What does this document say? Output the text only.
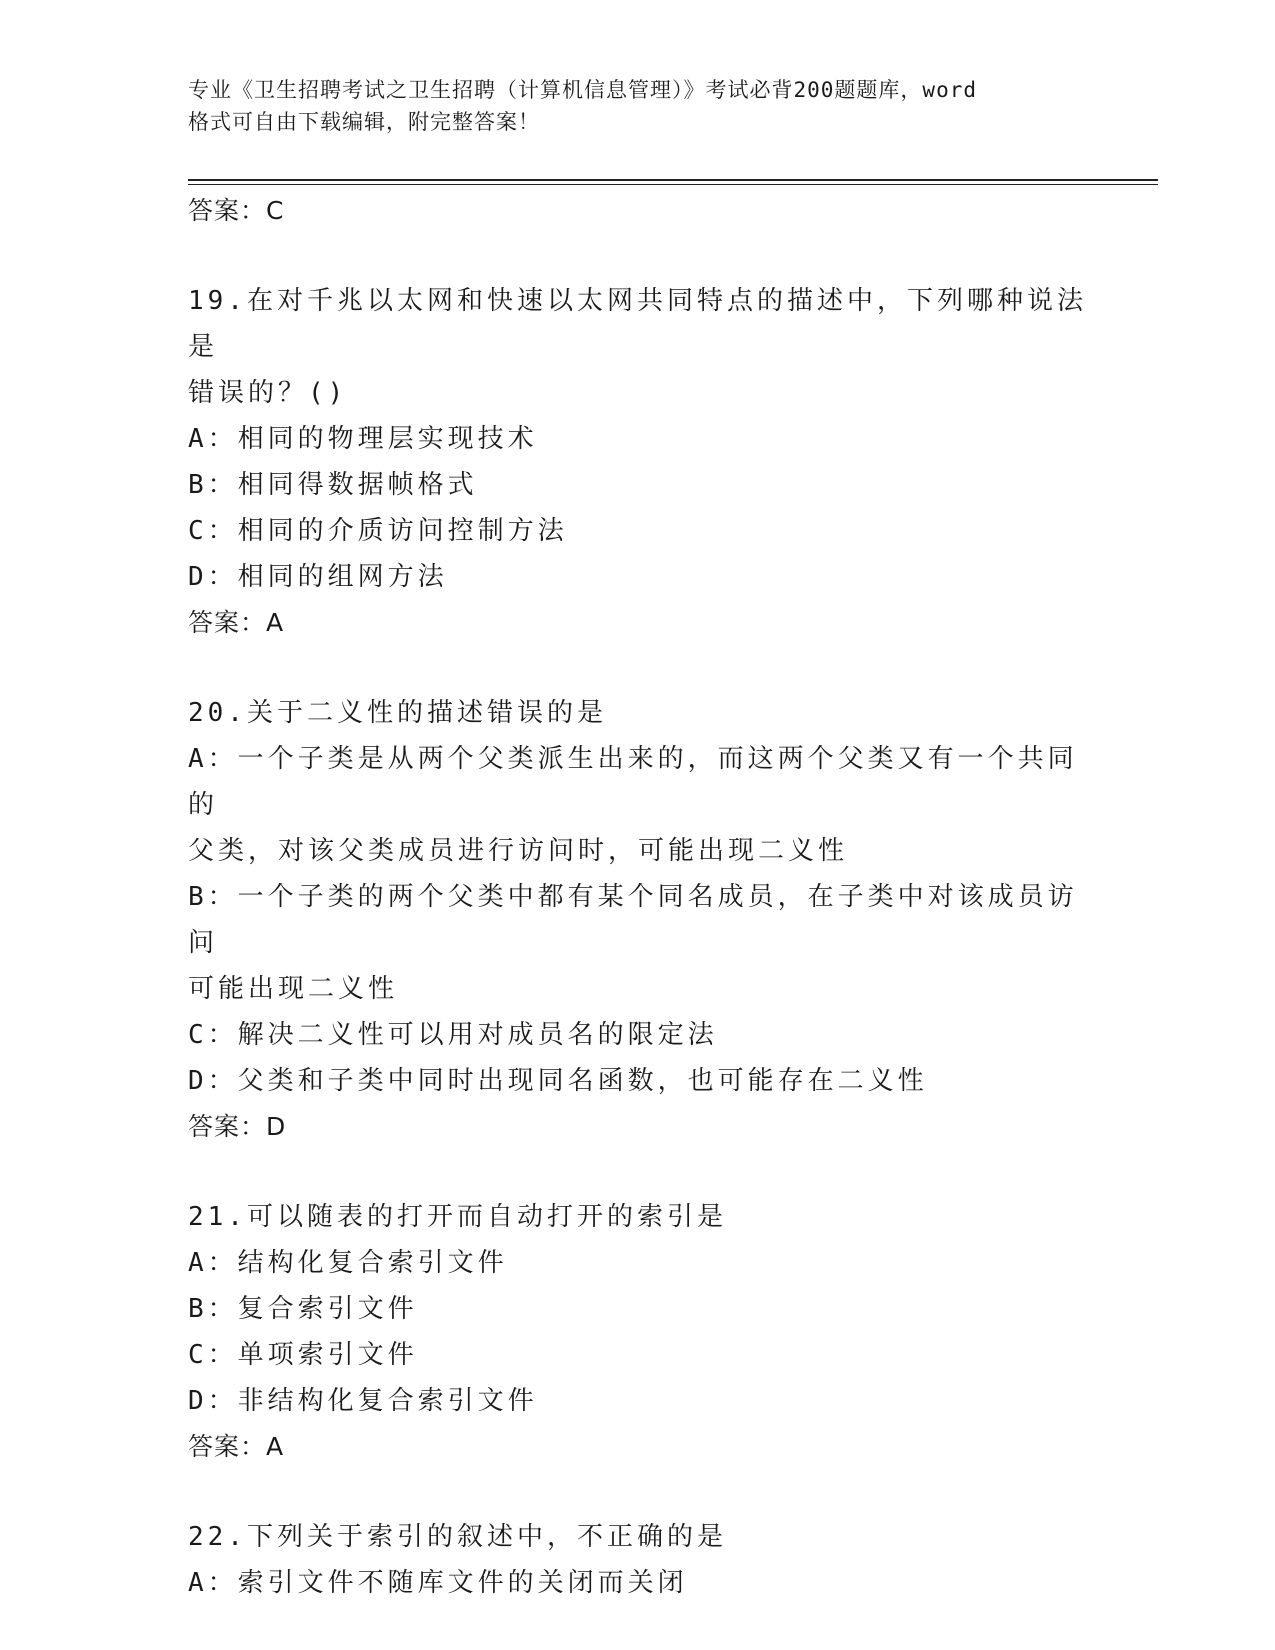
专业《卫生招聘考试之卫生招聘（计算机信息管理）》考试必背200题题库，word
格式可自由下载编辑，附完整答案！
答案：C
19.在对千兆以太网和快速以太网共同特点的描述中，下列哪种说法是
错误的？()
A：相同的物理层实现技术
B：相同得数据帧格式
C：相同的介质访问控制方法
D：相同的组网方法
答案：A
20.关于二义性的描述错误的是
A：一个子类是从两个父类派生出来的，而这两个父类又有一个共同的
父类，对该父类成员进行访问时，可能出现二义性
B：一个子类的两个父类中都有某个同名成员，在子类中对该成员访问
可能出现二义性
C：解决二义性可以用对成员名的限定法
D：父类和子类中同时出现同名函数，也可能存在二义性
答案：D
21.可以随表的打开而自动打开的索引是
A：结构化复合索引文件
B：复合索引文件
C：单项索引文件
D：非结构化复合索引文件
答案：A
22.下列关于索引的叙述中，不正确的是
A：索引文件不随库文件的关闭而关闭
